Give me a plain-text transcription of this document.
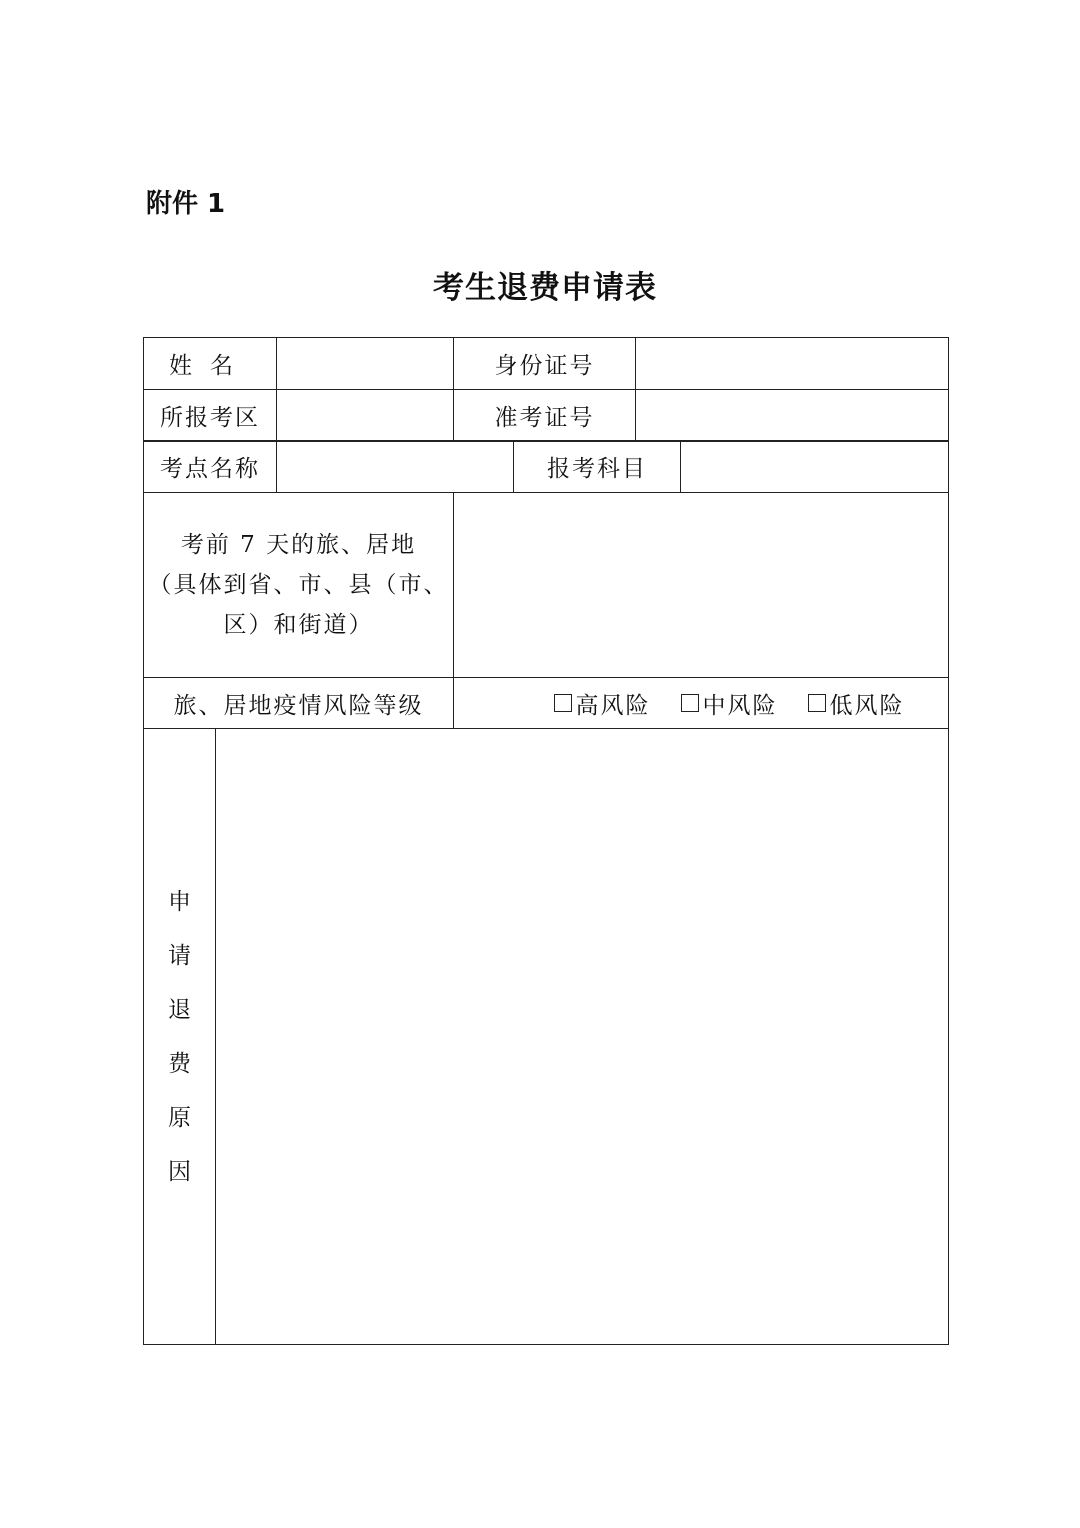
附件 1
考生退费申请表
姓名	身份证号
所报考区	准考证号
考点名称	报考科目
考前 7 天的旅、居地
（具体到省、市、县（市、
区）和街道）
旅、居地疫情风险等级	高风险 中风险 低风险
申
请
退
费
原
因
